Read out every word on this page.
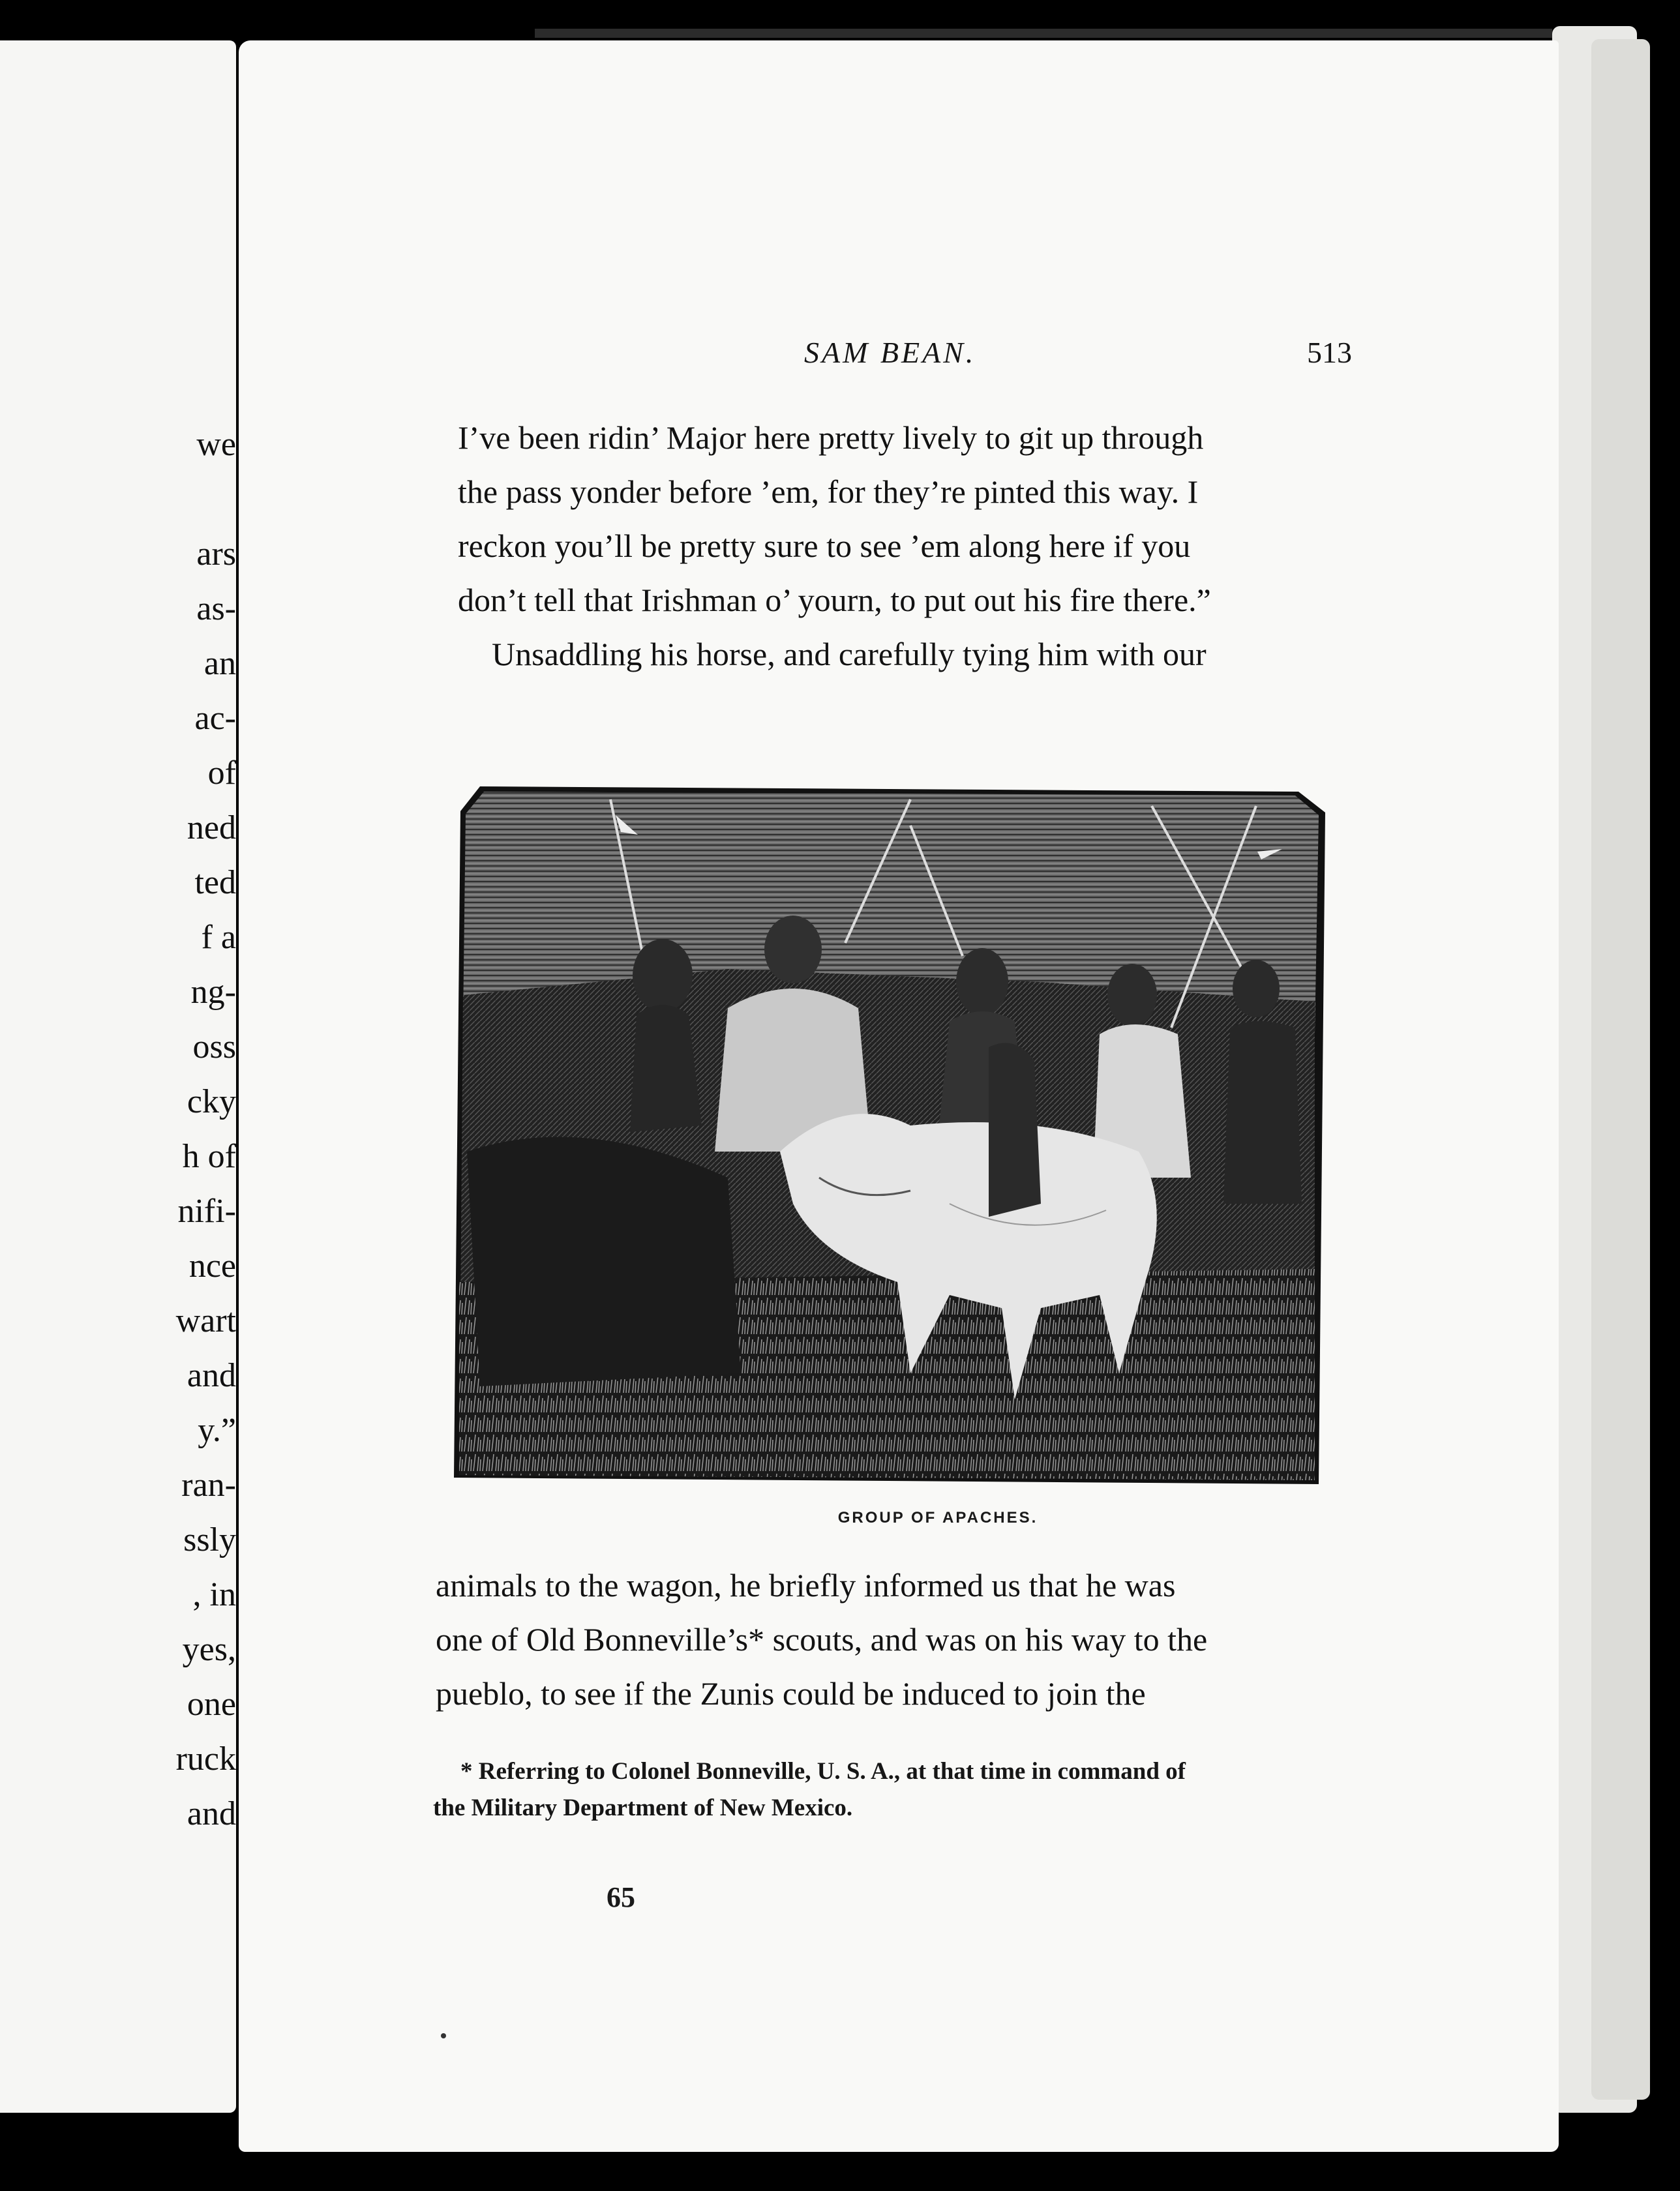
we
ars
as-
an
ac-
of
ned
ted
f a
ng-
oss
cky
h of
nifi-
nce
wart
and
y.”
ran-
ssly
, in
yes,
one
ruck
and
SAM BEAN.	513
I’ve been ridin’ Major here pretty lively to git up through
the pass yonder before ’em, for they’re pinted this way. I
reckon you’ll be pretty sure to see ’em along here if you
don’t tell that Irishman o’ yourn, to put out his fire there.”
Unsaddling his horse, and carefully tying him with our
GROUP OF APACHES.
animals to the wagon, he briefly informed us that he was
one of Old Bonneville’s* scouts, and was on his way to the
pueblo, to see if the Zunis could be induced to join the
* Referring to Colonel Bonneville, U. S. A., at that time in command of
the Military Department of New Mexico.
65
